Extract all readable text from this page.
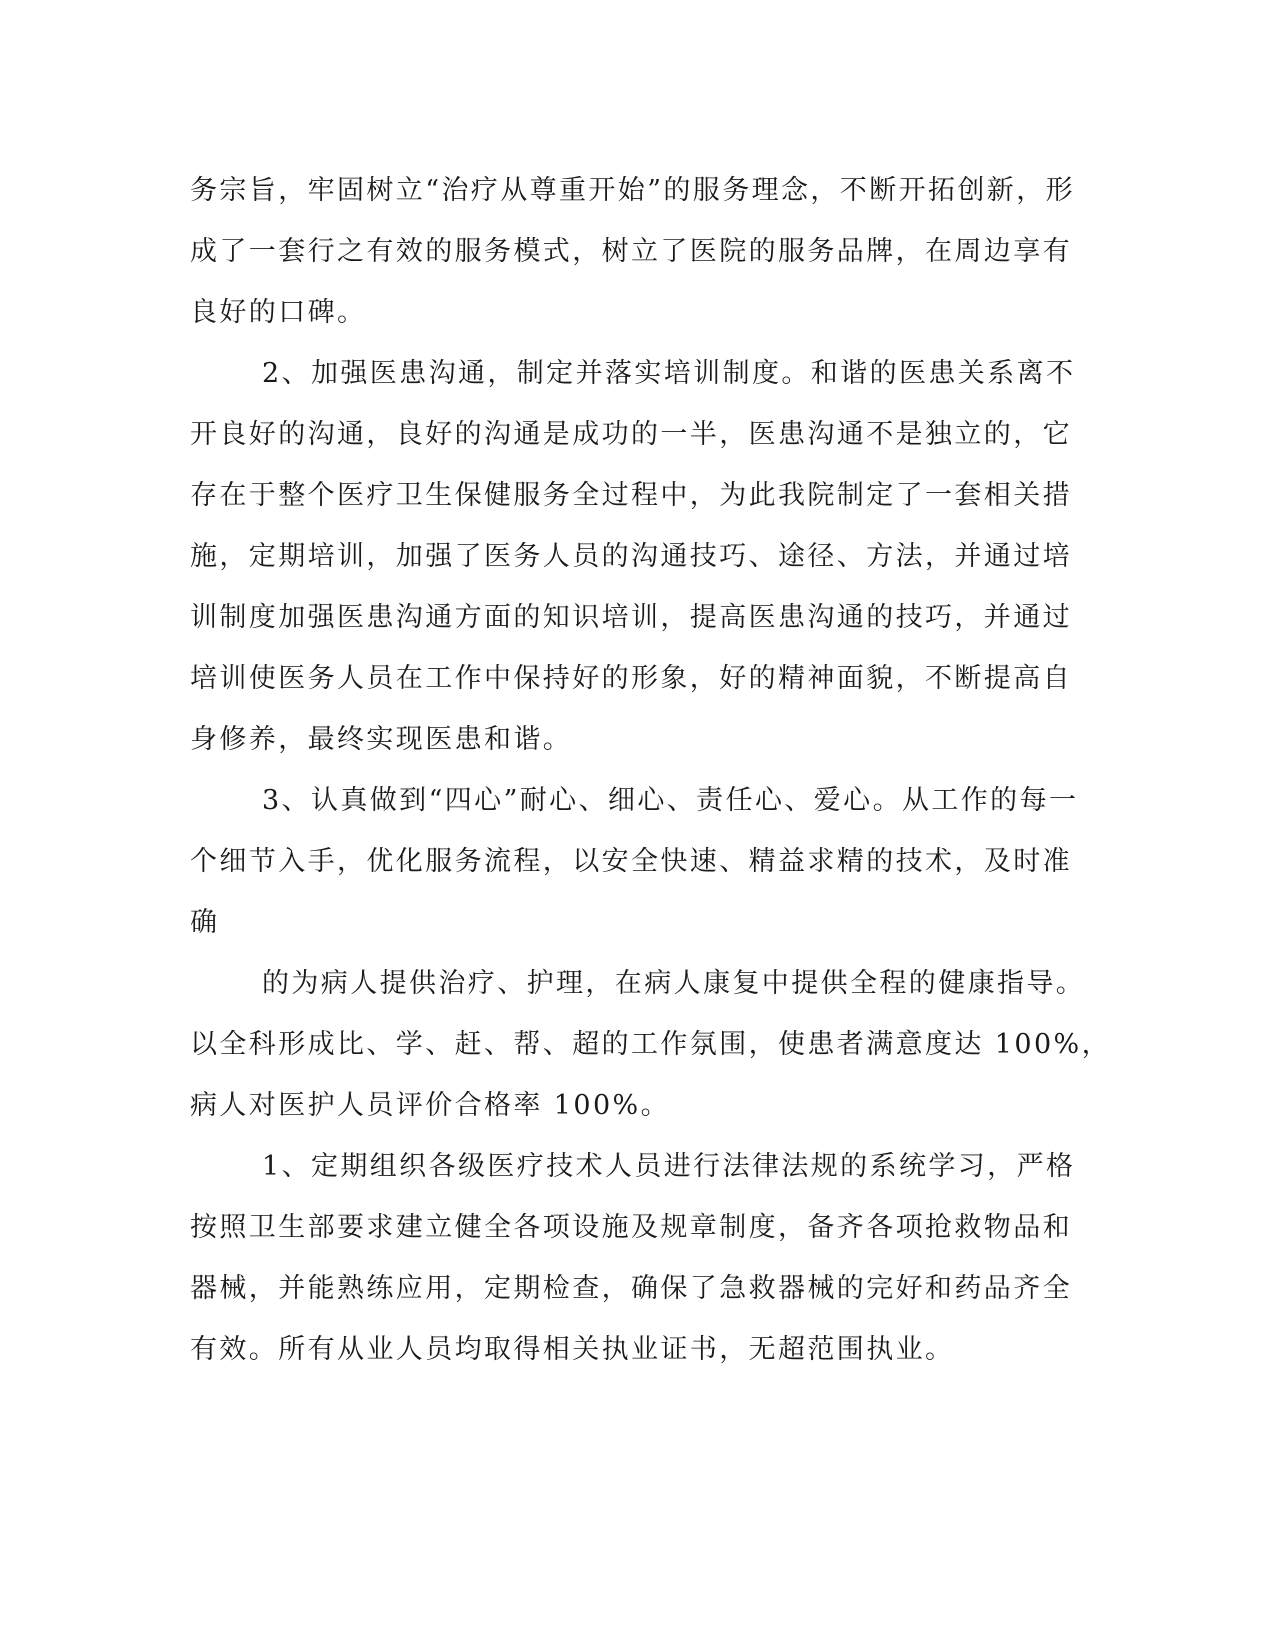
务宗旨，牢固树立“治疗从尊重开始”的服务理念，不断开拓创新，形
成了一套行之有效的服务模式，树立了医院的服务品牌，在周边享有
良好的口碑。
2、加强医患沟通，制定并落实培训制度。和谐的医患关系离不
开良好的沟通，良好的沟通是成功的一半，医患沟通不是独立的，它
存在于整个医疗卫生保健服务全过程中，为此我院制定了一套相关措
施，定期培训，加强了医务人员的沟通技巧、途径、方法，并通过培
训制度加强医患沟通方面的知识培训，提高医患沟通的技巧，并通过
培训使医务人员在工作中保持好的形象，好的精神面貌，不断提高自
身修养，最终实现医患和谐。
3、认真做到“四心”耐心、细心、责任心、爱心。从工作的每一
个细节入手，优化服务流程，以安全快速、精益求精的技术，及时准
确
的为病人提供治疗、护理，在病人康复中提供全程的健康指导。
以全科形成比、学、赶、帮、超的工作氛围，使患者满意度达 100%，
病人对医护人员评价合格率 100%。
1、定期组织各级医疗技术人员进行法律法规的系统学习，严格
按照卫生部要求建立健全各项设施及规章制度，备齐各项抢救物品和
器械，并能熟练应用，定期检查，确保了急救器械的完好和药品齐全
有效。所有从业人员均取得相关执业证书，无超范围执业。
